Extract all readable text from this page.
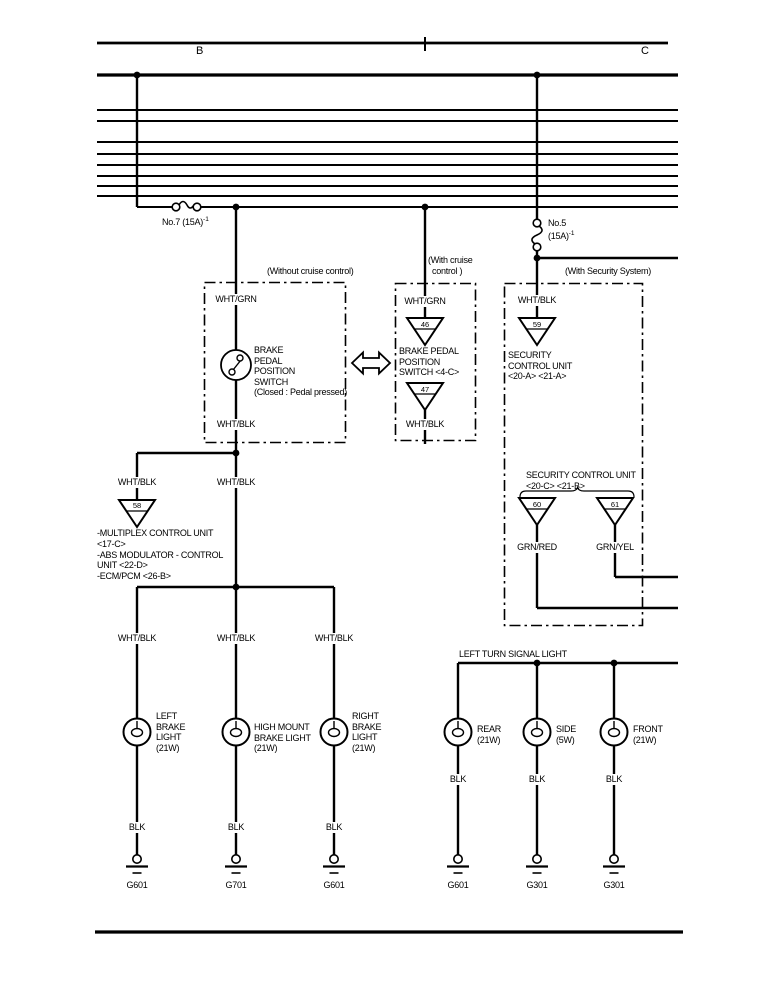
B	C
No.7 $(15A)^{-1}$	No.5
$(15A)^{-1}$
(Without cruise control)
WHT/GRN
BRAKE
PEDAL
POSITION
SWITCH
(Closed : Pedal pressed)
WHT/BLK
(With cruise
control )
WHT/GRN
46
BRAKE PEDAL
POSITION
SWITCH <4-C>
47
WHT/BLK
(With Security System)
WHT/BLK
59
SECURITY
CONTROL UNIT
<20-A> <21-A>
SECURITY CONTROL UNIT
<20-C> <21-B>
60	61
GRN/RED	GRN/YEL
WHT/BLK	WHT/BLK
58
-MULTIPLEX CONTROL UNIT
<17-C>
-ABS MODULATOR - CONTROL
UNIT <22-D>
-ECM/PCM <26-B>
WHT/BLK	WHT/BLK	WHT/BLK
LEFT
BRAKE
LIGHT
(21W)
HIGH MOUNT
BRAKE LIGHT
(21W)
RIGHT
BRAKE
LIGHT
(21W)
BLK	BLK	BLK
G601	G701	G601
LEFT TURN SIGNAL LIGHT
REAR
(21W)
SIDE
(5W)
FRONT
(21W)
BLK	BLK	BLK
G601	G301	G301
